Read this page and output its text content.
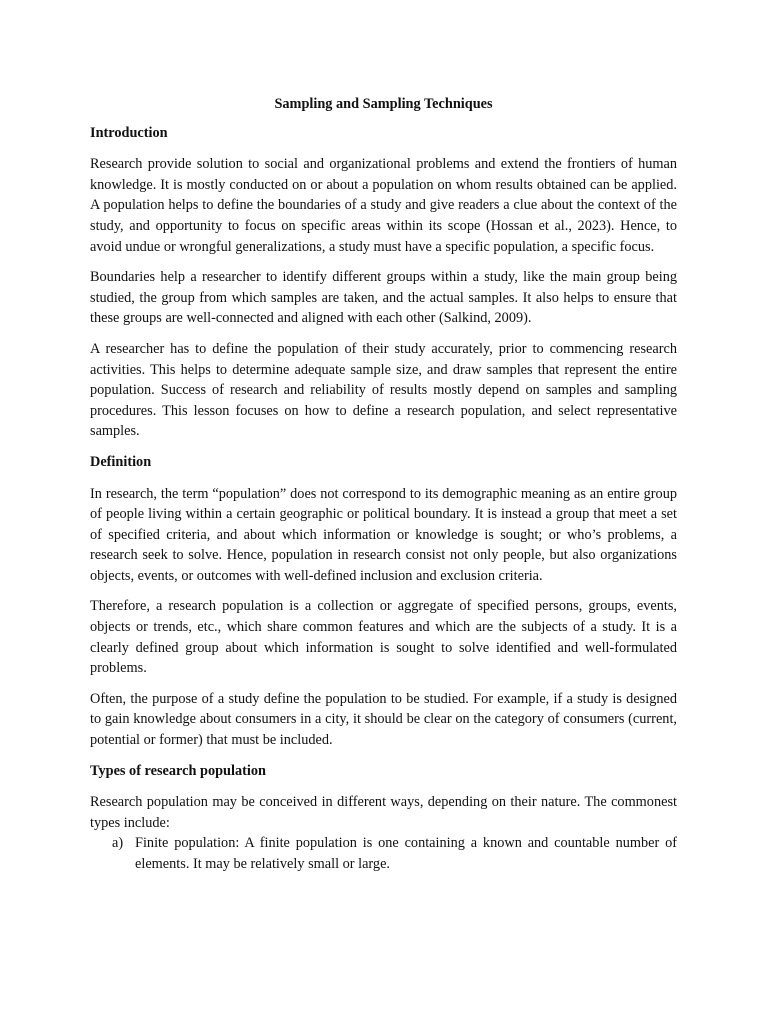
Sampling and Sampling Techniques
Introduction

Research provide solution to social and organizational problems and extend the frontiers of human knowledge. It is mostly conducted on or about a population on whom results obtained can be applied. A population helps to define the boundaries of a study and give readers a clue about the context of the study, and opportunity to focus on specific areas within its scope (Hossan et al., 2023). Hence, to avoid undue or wrongful generalizations, a study must have a specific population, a specific focus.

Boundaries help a researcher to identify different groups within a study, like the main group being studied, the group from which samples are taken, and the actual samples. It also helps to ensure that these groups are well-connected and aligned with each other (Salkind, 2009).

A researcher has to define the population of their study accurately, prior to commencing research activities. This helps to determine adequate sample size, and draw samples that represent the entire population. Success of research and reliability of results mostly depend on samples and sampling procedures. This lesson focuses on how to define a research population, and select representative samples.

Definition

In research, the term “population” does not correspond to its demographic meaning as an entire group of people living within a certain geographic or political boundary. It is instead a group that meet a set of specified criteria, and about which information or knowledge is sought; or who’s problems, a research seek to solve. Hence, population in research consist not only people, but also organizations objects, events, or outcomes with well-defined inclusion and exclusion criteria.

Therefore, a research population is a collection or aggregate of specified persons, groups, events, objects or trends, etc., which share common features and which are the subjects of a study. It is a clearly defined group about which information is sought to solve identified and well-formulated problems.

Often, the purpose of a study define the population to be studied. For example, if a study is designed to gain knowledge about consumers in a city, it should be clear on the category of consumers (current, potential or former) that must be included.

Types of research population

Research population may be conceived in different ways, depending on their nature. The commonest types include:

a) Finite population: A finite population is one containing a known and countable number of elements. It may be relatively small or large.
